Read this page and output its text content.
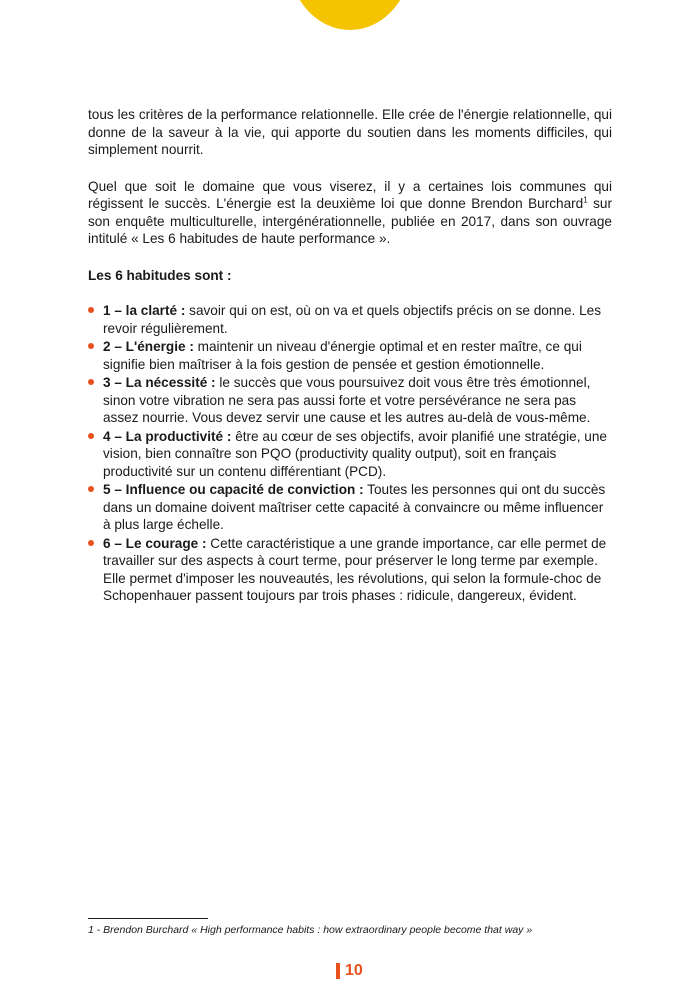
tous les critères de la performance relationnelle. Elle crée de l'énergie relationnelle, qui donne de la saveur à la vie, qui apporte du soutien dans les moments difficiles, qui simplement nourrit.

Quel que soit le domaine que vous viserez, il y a certaines lois communes qui régissent le succès. L'énergie est la deuxième loi que donne Brendon Burchard$^1$ sur son enquête multiculturelle, intergénérationnelle, publiée en 2017, dans son ouvrage intitulé « Les 6 habitudes de haute performance ».

Les 6 habitudes sont :
1 – la clarté : savoir qui on est, où on va et quels objectifs précis on se donne. Les revoir régulièrement.
2 – L'énergie : maintenir un niveau d'énergie optimal et en rester maître, ce qui signifie bien maîtriser à la fois gestion de pensée et gestion émotionnelle.
3 – La nécessité : le succès que vous poursuivez doit vous être très émotionnel, sinon votre vibration ne sera pas aussi forte et votre persévérance ne sera pas assez nourrie. Vous devez servir une cause et les autres au-delà de vous-même.
4 – La productivité : être au cœur de ses objectifs, avoir planifié une stratégie, une vision, bien connaître son PQO (productivity quality output), soit en français productivité sur un contenu différentiant (PCD).
5 – Influence ou capacité de conviction : Toutes les personnes qui ont du succès dans un domaine doivent maîtriser cette capacité à convaincre ou même influencer à plus large échelle.
6 – Le courage : Cette caractéristique a une grande importance, car elle permet de travailler sur des aspects à court terme, pour préserver le long terme par exemple. Elle permet d'imposer les nouveautés, les révolutions, qui selon la formule-choc de Schopenhauer passent toujours par trois phases : ridicule, dangereux, évident.
1 - Brendon Burchard « High performance habits : how extraordinary people become that way »
10
